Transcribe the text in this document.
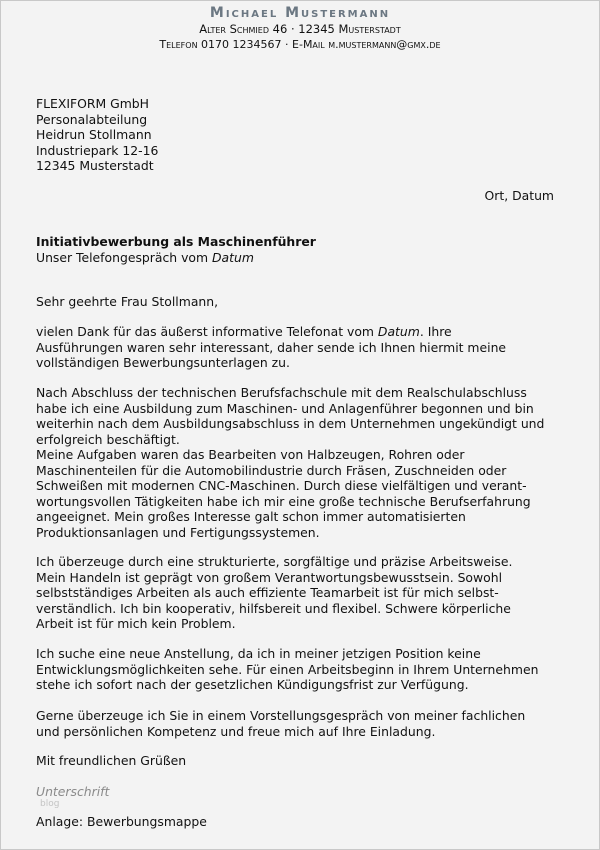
Michael Mustermann
Alter Schmied 46 · 12345 Musterstadt
Telefon 0170 1234567 · E-Mail m.mustermann@gmx.de
FLEXIFORM GmbH
Personalabteilung
Heidrun Stollmann
Industriepark 12-16
12345 Musterstadt
Ort, Datum
Initiativbewerbung als Maschinenführer
Unser Telefongespräch vom Datum
Sehr geehrte Frau Stollmann,
vielen Dank für das äußerst informative Telefonat vom Datum. Ihre
Ausführungen waren sehr interessant, daher sende ich Ihnen hiermit meine
vollständigen Bewerbungsunterlagen zu.
Nach Abschluss der technischen Berufsfachschule mit dem Realschulabschluss
habe ich eine Ausbildung zum Maschinen- und Anlagenführer begonnen und bin
weiterhin nach dem Ausbildungsabschluss in dem Unternehmen ungekündigt und
erfolgreich beschäftigt.
Meine Aufgaben waren das Bearbeiten von Halbzeugen, Rohren oder
Maschinenteilen für die Automobilindustrie durch Fräsen, Zuschneiden oder
Schweißen mit modernen CNC-Maschinen. Durch diese vielfältigen und verant-
wortungsvollen Tätigkeiten habe ich mir eine große technische Berufserfahrung
angeeignet. Mein großes Interesse galt schon immer automatisierten
Produktionsanlagen und Fertigungssystemen.
Ich überzeuge durch eine strukturierte, sorgfältige und präzise Arbeitsweise.
Mein Handeln ist geprägt von großem Verantwortungsbewusstsein. Sowohl
selbstständiges Arbeiten als auch effiziente Teamarbeit ist für mich selbst-
verständlich. Ich bin kooperativ, hilfsbereit und flexibel. Schwere körperliche
Arbeit ist für mich kein Problem.
Ich suche eine neue Anstellung, da ich in meiner jetzigen Position keine
Entwicklungsmöglichkeiten sehe. Für einen Arbeitsbeginn in Ihrem Unternehmen
stehe ich sofort nach der gesetzlichen Kündigungsfrist zur Verfügung.
Gerne überzeuge ich Sie in einem Vorstellungsgespräch von meiner fachlichen
und persönlichen Kompetenz und freue mich auf Ihre Einladung.
Mit freundlichen Grüßen
Unterschrift
blog
Anlage: Bewerbungsmappe
